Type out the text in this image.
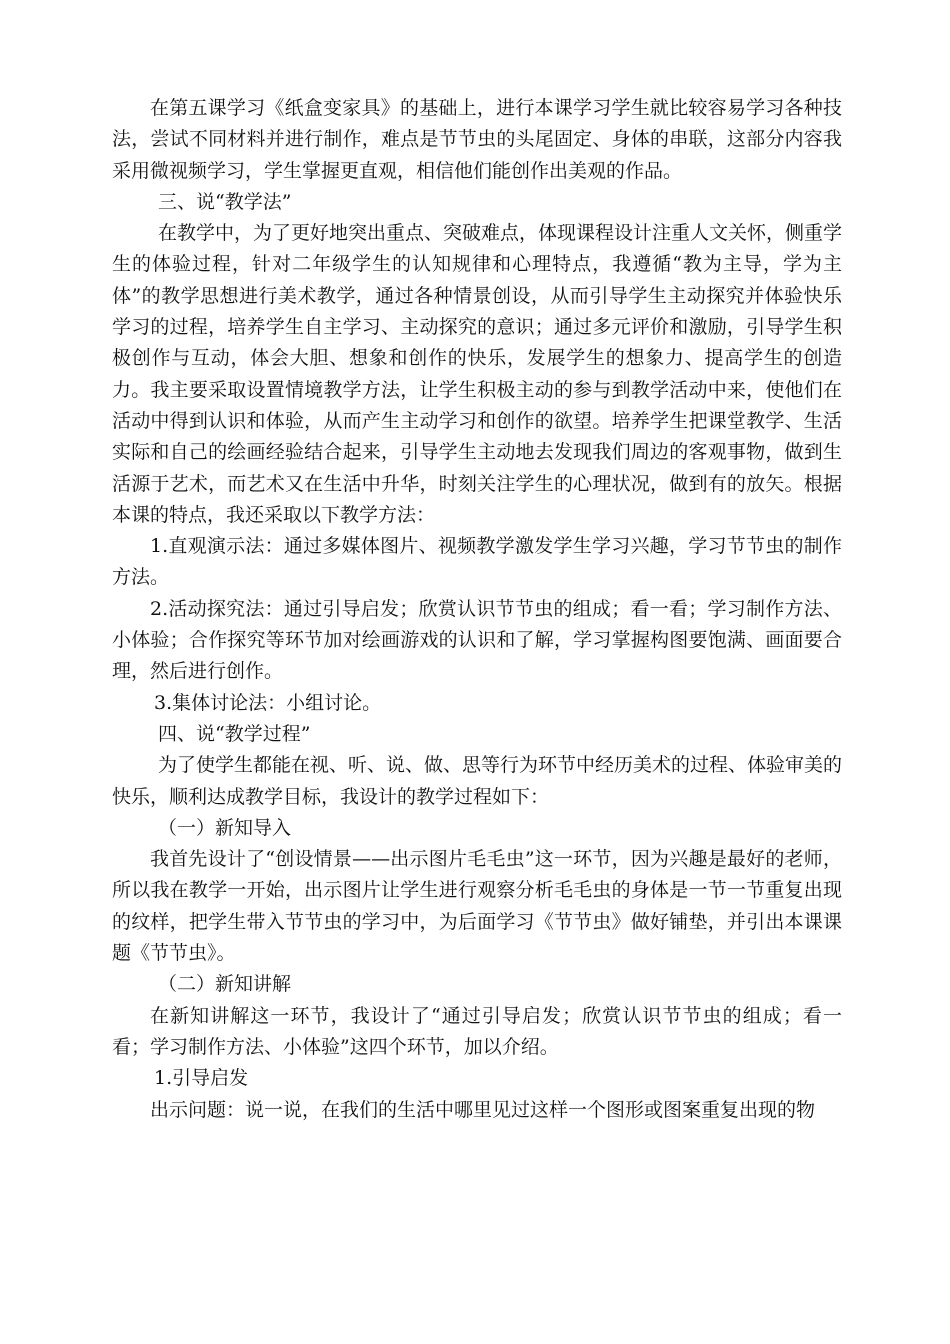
在第五课学习《纸盒变家具》的基础上，进行本课学习学生就比较容易学习各种技法，尝试不同材料并进行制作，难点是节节虫的头尾固定、身体的串联，这部分内容我采用微视频学习，学生掌握更直观，相信他们能创作出美观的作品。

三、说“教学法”

在教学中，为了更好地突出重点、突破难点，体现课程设计注重人文关怀，侧重学生的体验过程，针对二年级学生的认知规律和心理特点，我遵循“教为主导，学为主体”的教学思想进行美术教学，通过各种情景创设，从而引导学生主动探究并体验快乐学习的过程，培养学生自主学习、主动探究的意识；通过多元评价和激励，引导学生积极创作与互动，体会大胆、想象和创作的快乐，发展学生的想象力、提高学生的创造力。我主要采取设置情境教学方法，让学生积极主动的参与到教学活动中来，使他们在活动中得到认识和体验，从而产生主动学习和创作的欲望。培养学生把课堂教学、生活实际和自己的绘画经验结合起来，引导学生主动地去发现我们周边的客观事物，做到生活源于艺术，而艺术又在生活中升华，时刻关注学生的心理状况，做到有的放矢。根据本课的特点，我还采取以下教学方法：

1.直观演示法：通过多媒体图片、视频教学激发学生学习兴趣，学习节节虫的制作方法。

2.活动探究法：通过引导启发；欣赏认识节节虫的组成；看一看；学习制作方法、小体验；合作探究等环节加对绘画游戏的认识和了解，学习掌握构图要饱满、画面要合理，然后进行创作。

3.集体讨论法：小组讨论。

四、说“教学过程”

为了使学生都能在视、听、说、做、思等行为环节中经历美术的过程、体验审美的快乐，顺利达成教学目标，我设计的教学过程如下：

（一）新知导入

我首先设计了“创设情景——出示图片毛毛虫”这一环节，因为兴趣是最好的老师，所以我在教学一开始，出示图片让学生进行观察分析毛毛虫的身体是一节一节重复出现的纹样，把学生带入节节虫的学习中，为后面学习《节节虫》做好铺垫，并引出本课课题《节节虫》。

（二）新知讲解

在新知讲解这一环节，我设计了“通过引导启发；欣赏认识节节虫的组成；看一看；学习制作方法、小体验”这四个环节，加以介绍。

1.引导启发

出示问题：说一说，在我们的生活中哪里见过这样一个图形或图案重复出现的物
